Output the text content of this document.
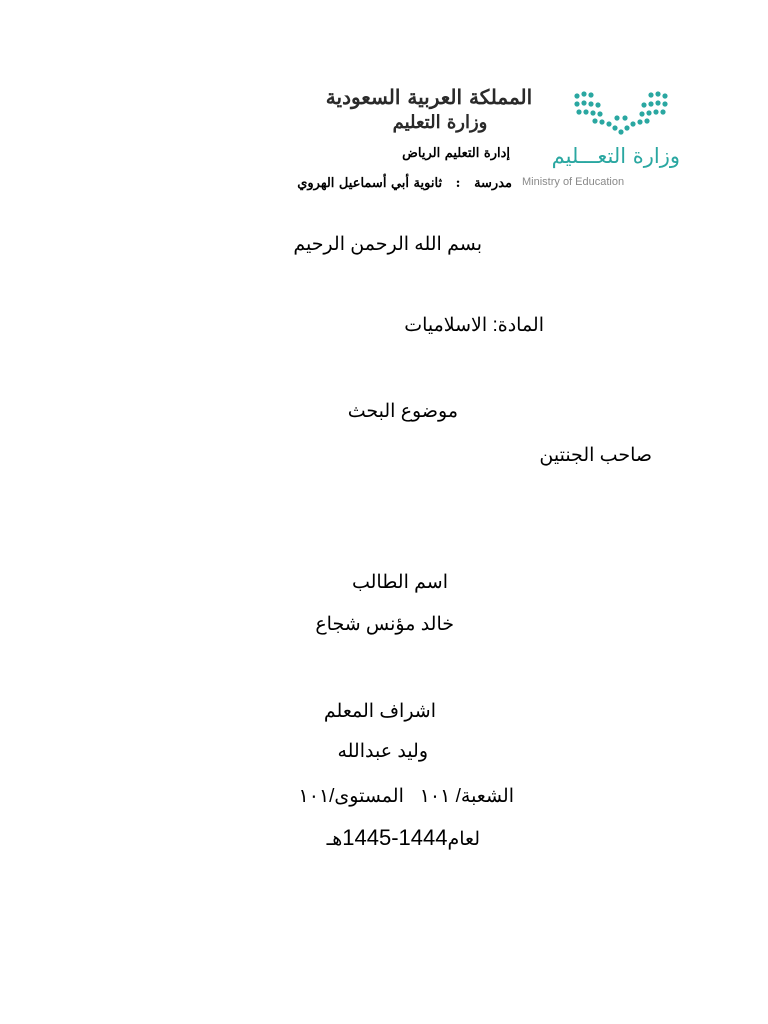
وزارة التعـــليم
Ministry of Education
المملكة العربية السعودية
وزارة التعليم
إدارة التعليم الرياض
مدرسة   :   ثانوية أبي أسماعيل الهروي
بسم الله الرحمن الرحيم
المادة: الاسلاميات
موضوع البحث
صاحب الجنتين
اسم الطالب
خالد مؤنس شجاع
اشراف المعلم
وليد عبدالله
الشعبة/ ١٠١   المستوى/١٠١
لعام1444-1445هـ
